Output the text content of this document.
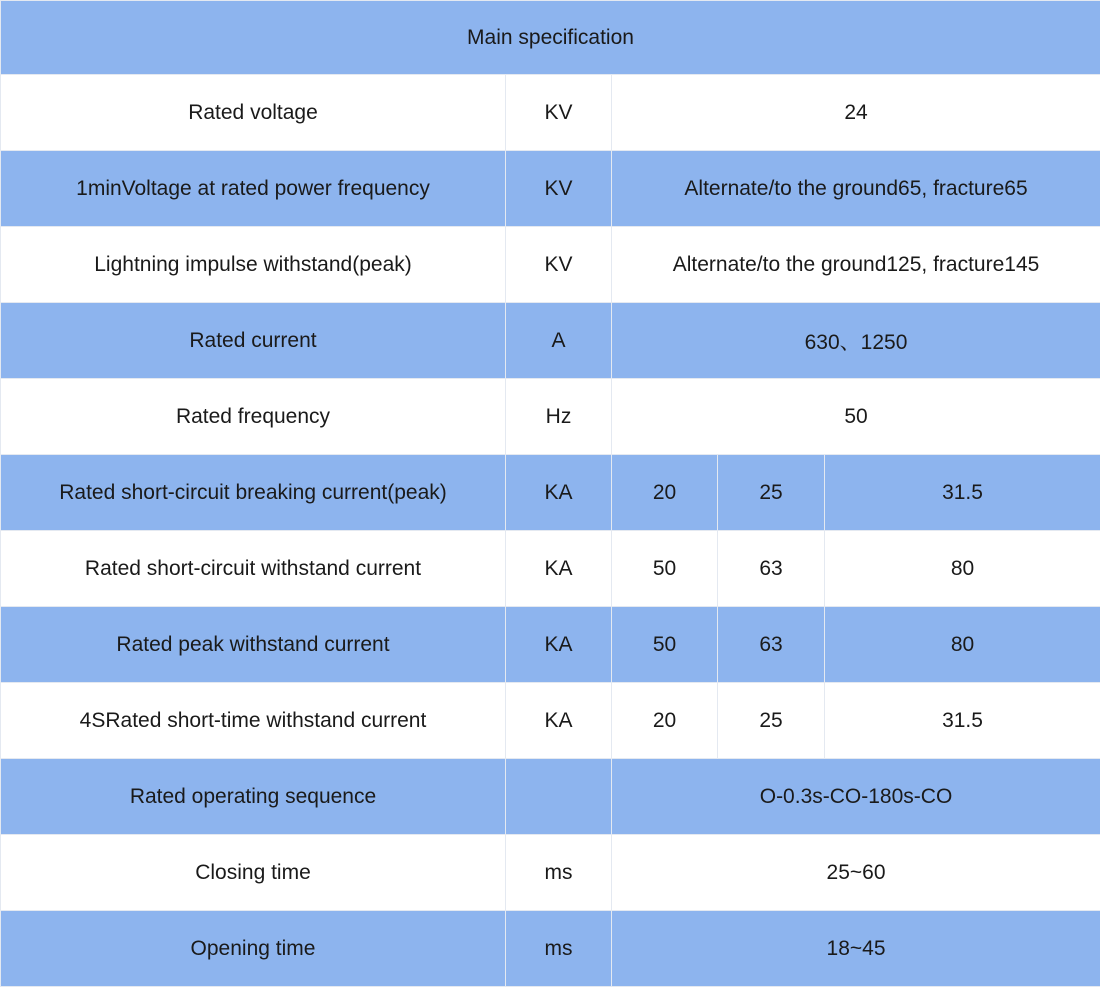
Main specification				
Rated voltage	KV	24		
1minVoltage at rated power frequency	KV	Alternate/to the ground65, fracture65		
Lightning impulse withstand(peak)	KV	Alternate/to the ground125, fracture145		
Rated current	A	630、1250		
Rated frequency	Hz	50		
Rated short-circuit breaking current(peak)	KA	20	25	31.5
Rated short-circuit withstand current	KA	50	63	80
Rated peak withstand current	KA	50	63	80
4SRated short-time withstand current	KA	20	25	31.5
Rated operating sequence		O-0.3s-CO-180s-CO		
Closing time	ms	25~60		
Opening time	ms	18~45		
